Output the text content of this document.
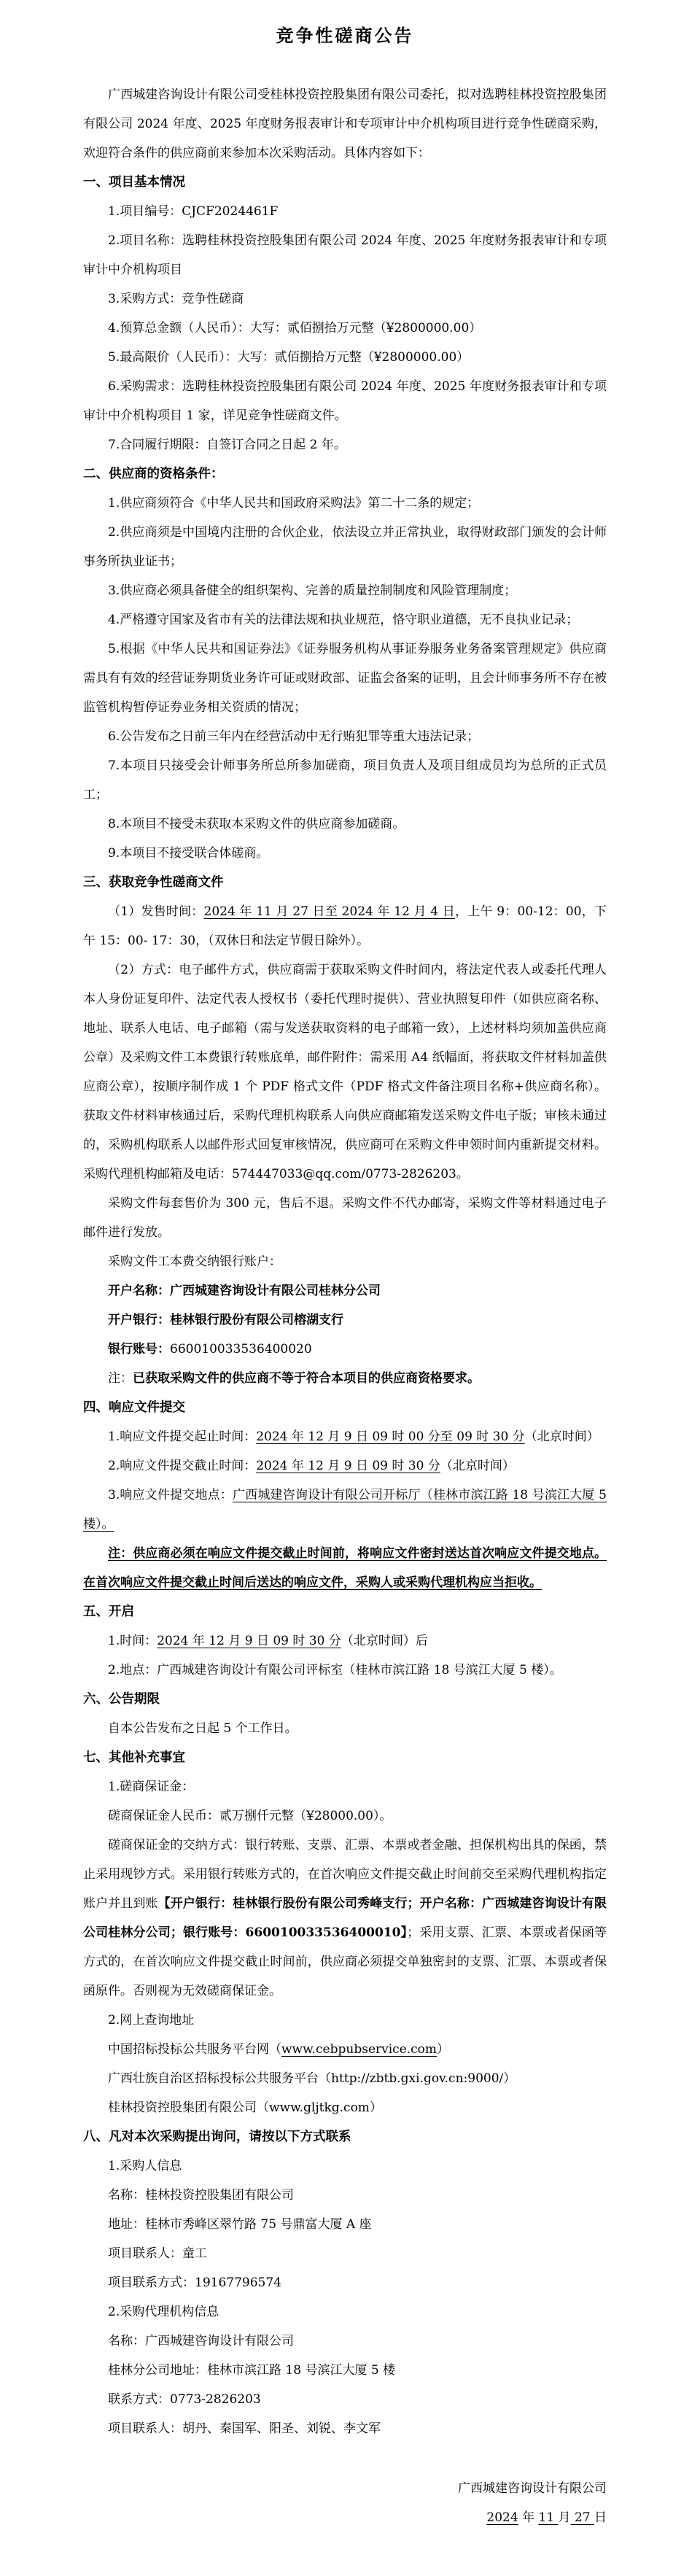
竞争性磋商公告
广西城建咨询设计有限公司受桂林投资控股集团有限公司委托，拟对选聘桂林投资控股集团有限公司 2024 年度、2025 年度财务报表审计和专项审计中介机构项目进行竞争性磋商采购，欢迎符合条件的供应商前来参加本次采购活动。具体内容如下：
一、项目基本情况
1.项目编号：CJCF2024461F
2.项目名称：选聘桂林投资控股集团有限公司 2024 年度、2025 年度财务报表审计和专项审计中介机构项目
3.采购方式：竞争性磋商
4.预算总金额（人民币）：大写：贰佰捌拾万元整（¥2800000.00）
5.最高限价（人民币）：大写：贰佰捌拾万元整（¥2800000.00）
6.采购需求：选聘桂林投资控股集团有限公司 2024 年度、2025 年度财务报表审计和专项审计中介机构项目 1 家，详见竞争性磋商文件。
7.合同履行期限：自签订合同之日起 2 年。
二、供应商的资格条件：
1.供应商须符合《中华人民共和国政府采购法》第二十二条的规定；
2.供应商须是中国境内注册的合伙企业，依法设立并正常执业，取得财政部门颁发的会计师事务所执业证书；
3.供应商必须具备健全的组织架构、完善的质量控制制度和风险管理制度；
4.严格遵守国家及省市有关的法律法规和执业规范，恪守职业道德，无不良执业记录；
5.根据《中华人民共和国证券法》《证券服务机构从事证券服务业务备案管理规定》供应商需具有有效的经营证券期货业务许可证或财政部、证监会备案的证明，且会计师事务所不存在被监管机构暂停证券业务相关资质的情况；
6.公告发布之日前三年内在经营活动中无行贿犯罪等重大违法记录；
7.本项目只接受会计师事务所总所参加磋商，项目负责人及项目组成员均为总所的正式员工；
8.本项目不接受未获取本采购文件的供应商参加磋商。
9.本项目不接受联合体磋商。
三、获取竞争性磋商文件
（1）发售时间：2024 年 11 月 27 日至 2024 年 12 月 4 日，上午 9：00-12：00，下午 15：00- 17：30，（双休日和法定节假日除外）。
（2）方式：电子邮件方式，供应商需于获取采购文件时间内，将法定代表人或委托代理人本人身份证复印件、法定代表人授权书（委托代理时提供）、营业执照复印件（如供应商名称、地址、联系人电话、电子邮箱（需与发送获取资料的电子邮箱一致），上述材料均须加盖供应商公章）及采购文件工本费银行转账底单，邮件附件：需采用 A4 纸幅面，将获取文件材料加盖供应商公章），按顺序制作成 1 个 PDF 格式文件（PDF 格式文件备注项目名称+供应商名称）。获取文件材料审核通过后，采购代理机构联系人向供应商邮箱发送采购文件电子版；审核未通过的，采购机构联系人以邮件形式回复审核情况，供应商可在采购文件申领时间内重新提交材料。采购代理机构邮箱及电话：574447033@qq.com/0773-2826203。
采购文件每套售价为 300 元，售后不退。采购文件不代办邮寄，采购文件等材料通过电子邮件进行发放。
采购文件工本费交纳银行账户：
开户名称：广西城建咨询设计有限公司桂林分公司
开户银行：桂林银行股份有限公司榕湖支行
银行账号：660010033536400020
注：已获取采购文件的供应商不等于符合本项目的供应商资格要求。
四、响应文件提交
1.响应文件提交起止时间：2024 年 12 月 9 日 09 时 00 分至 09 时 30 分（北京时间）
2.响应文件提交截止时间：2024 年 12 月 9 日 09 时 30 分（北京时间）
3.响应文件提交地点：广西城建咨询设计有限公司开标厅（桂林市滨江路 18 号滨江大厦 5 楼）。
注：供应商必须在响应文件提交截止时间前，将响应文件密封送达首次响应文件提交地点。在首次响应文件提交截止时间后送达的响应文件，采购人或采购代理机构应当拒收。
五、开启
1.时间：2024 年 12 月 9 日 09 时 30 分（北京时间）后
2.地点：广西城建咨询设计有限公司评标室（桂林市滨江路 18 号滨江大厦 5 楼）。
六、公告期限
自本公告发布之日起 5 个工作日。
七、其他补充事宜
1.磋商保证金：
磋商保证金人民币：贰万捌仟元整（¥28000.00）。
磋商保证金的交纳方式：银行转账、支票、汇票、本票或者金融、担保机构出具的保函，禁止采用现钞方式。采用银行转账方式的，在首次响应文件提交截止时间前交至采购代理机构指定账户并且到账【开户银行：桂林银行股份有限公司秀峰支行；开户名称：广西城建咨询设计有限公司桂林分公司；银行账号：660010033536400010】；采用支票、汇票、本票或者保函等方式的，在首次响应文件提交截止时间前，供应商必须提交单独密封的支票、汇票、本票或者保函原件。否则视为无效磋商保证金。
2.网上查询地址
中国招标投标公共服务平台网（www.cebpubservice.com）
广西壮族自治区招标投标公共服务平台（http://zbtb.gxi.gov.cn:9000/）
桂林投资控股集团有限公司（www.gljtkg.com）
八、凡对本次采购提出询问，请按以下方式联系
1.采购人信息
名称：桂林投资控股集团有限公司
地址：桂林市秀峰区翠竹路 75 号鼎富大厦 A 座
项目联系人：童工
项目联系方式：19167796574
2.采购代理机构信息
名称：广西城建咨询设计有限公司
桂林分公司地址：桂林市滨江路 18 号滨江大厦 5 楼
联系方式：0773-2826203
项目联系人：胡丹、秦国军、阳圣、刘锐、李文军
广西城建咨询设计有限公司
2024 年 11 月 27 日
